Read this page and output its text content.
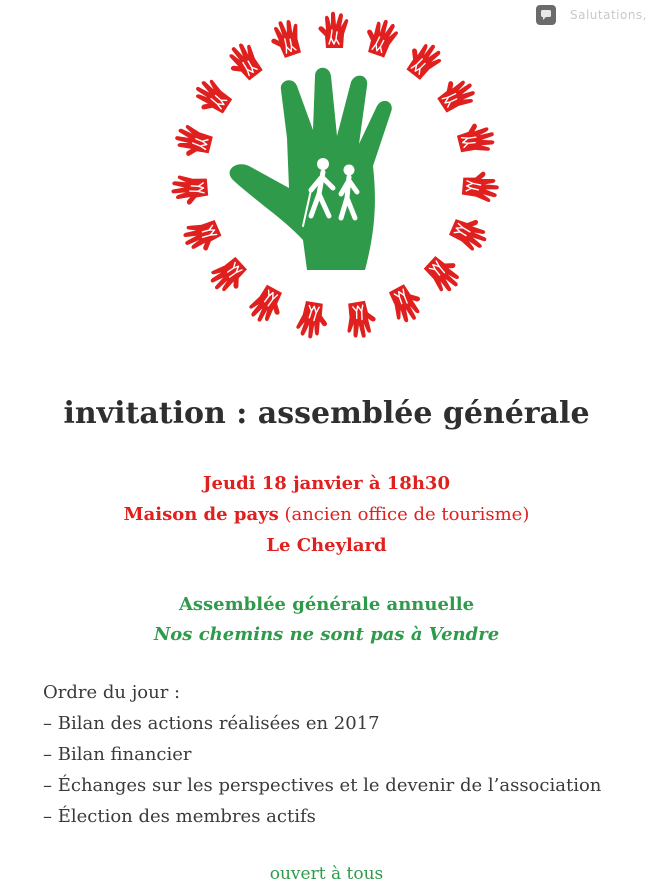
Salutations,
invitation : assemblée générale
Jeudi 18 janvier à 18h30
Maison de pays (ancien office de tourisme)
Le Cheylard
Assemblée générale annuelle
Nos chemins ne sont pas à Vendre
Ordre du jour :
– Bilan des actions réalisées en 2017
– Bilan financier
– Échanges sur les perspectives et le devenir de l’association
– Élection des membres actifs
ouvert à tous
